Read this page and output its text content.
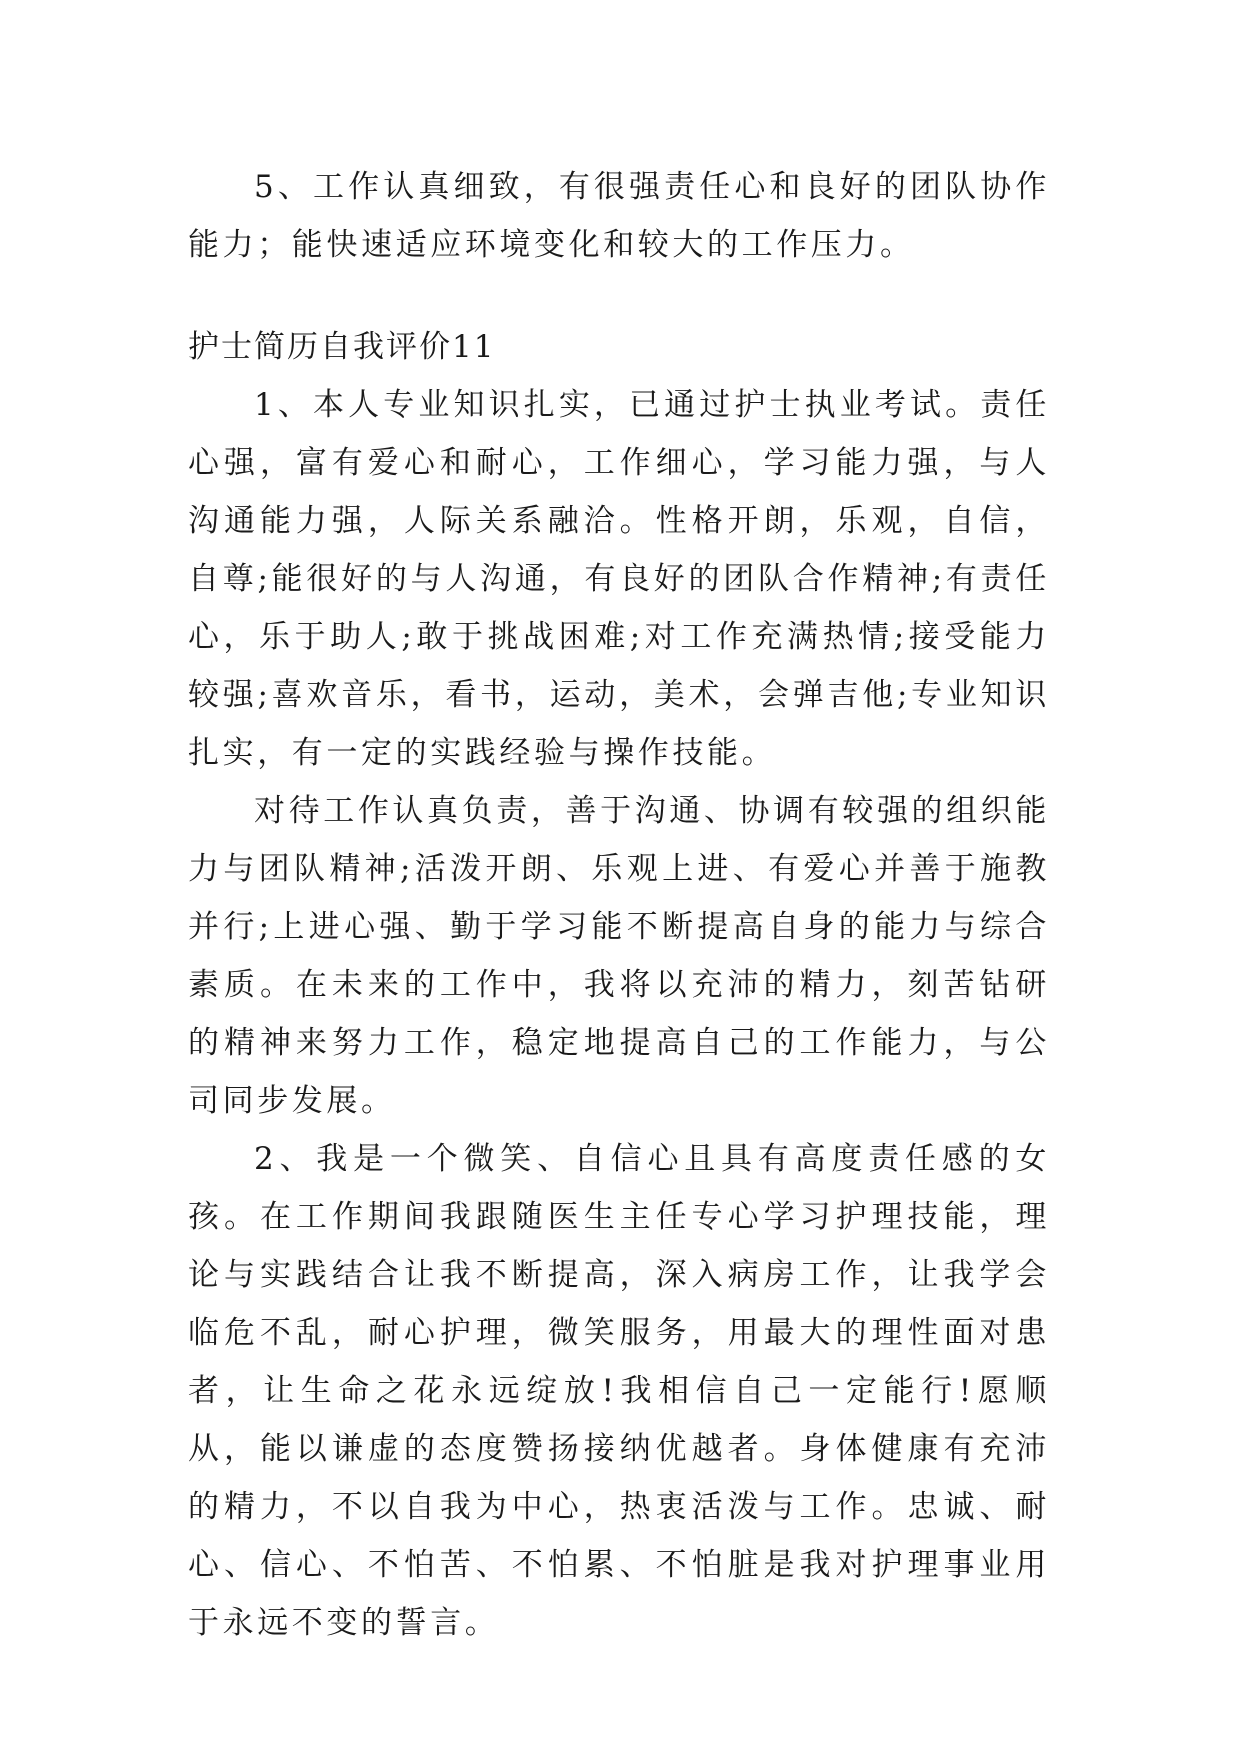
5、工作认真细致，有很强责任心和良好的团队协作能力；能快速适应环境变化和较大的工作压力。

护士简历自我评价11

1、本人专业知识扎实，已通过护士执业考试。责任心强，富有爱心和耐心，工作细心，学习能力强，与人沟通能力强，人际关系融洽。性格开朗，乐观，自信，自尊;能很好的与人沟通，有良好的团队合作精神;有责任心，乐于助人;敢于挑战困难;对工作充满热情;接受能力较强;喜欢音乐，看书，运动，美术，会弹吉他;专业知识扎实，有一定的实践经验与操作技能。

对待工作认真负责，善于沟通、协调有较强的组织能力与团队精神;活泼开朗、乐观上进、有爱心并善于施教并行;上进心强、勤于学习能不断提高自身的能力与综合素质。在未来的工作中，我将以充沛的精力，刻苦钻研的精神来努力工作，稳定地提高自己的工作能力，与公司同步发展。

2、我是一个微笑、自信心且具有高度责任感的女孩。在工作期间我跟随医生主任专心学习护理技能，理论与实践结合让我不断提高，深入病房工作，让我学会临危不乱，耐心护理，微笑服务，用最大的理性面对患者，让生命之花永远绽放!我相信自己一定能行!愿顺从，能以谦虚的态度赞扬接纳优越者。身体健康有充沛的精力，不以自我为中心，热衷活泼与工作。忠诚、耐心、信心、不怕苦、不怕累、不怕脏是我对护理事业用于永远不变的誓言。
